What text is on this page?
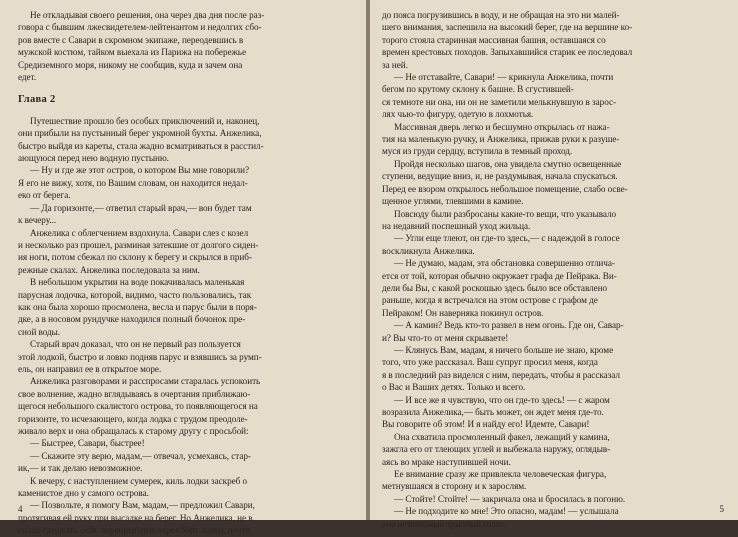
Не откладывая своего решения, она через два дня после раз-
говора с бывшим лжесвидетелем-лейтенантом и недолгих сбо-
ров вместе с Савари в скромном экипаже, переодевшись в
мужской костюм, тайком выехала из Парижа на побережье
Средиземного моря, никому не сообщив, куда и зачем она
едет.

Глава 2

Путешествие прошло без особых приключений и, наконец,
они прибыли на пустынный берег укромной бухты. Анжелика,
быстро выйдя из кареты, стала жадно всматриваться в расстил-
ающуюся перед нею водную пустыню.

— Ну и где же этот остров, о котором Вы мне говорили?
Я его не вижу, хотя, по Вашим словам, он находится недал-
еко от берега.

— Да горизонте,— ответил старый врач,— вон будет там
к вечеру...

Анжелика с облегчением вздохнула. Савари слез с козел
и несколько раз прошел, разминая затекшие от долгого сиден-
ия ноги, потом сбежал по склону к берегу и скрылся в приб-
режные скалах. Анжелика последовала за ним.

В небольшом укрытии на воде покачивалась маленькая
парусная лодочка, которой, видимо, часто пользовались, так
как она была хорошо просмолена, весла и парус были в поря-
дке, а в носовом рундучке находился полный бочонок пре-
сной воды.

Старый врач доказал, что он не первый раз пользуется
этой лодкой, быстро и ловко подняв парус и взявшись за румп-
ель, он направил ее в открытое море.

Анжелика разговорами и расспросами старалась успокоить
свое волнение, жадно вглядываясь в очертания приближаю-
щегося небольшого скалистого острова, то появляющегося на
горизонте, то исчезающего, когда лодка с трудом преодоле-
живало верх и она обращалась к старому другу с просьбой:

— Быстрее, Савари, быстрее!

— Скажите эту верю, мадам,— отвечал, усмехаясь, стар-
ик,— и так делаю невозможное.

К вечеру, с наступлением сумерек, киль лодки заскреб о
каменистое дно у самого острова.

— Позвольте, я помогу Вам, мадам,— предложил Савари,
протягивая ей руку при высадке на берег. Но Анжелика, не в
силах сдержать себя, перепрыгнула через борт лодки, почти

4

до пояса погрузившись в воду, и не обращая на это ни малей-
шего внимания, заспешила на высокий берег, где на вершине ко-
торого стояла старинная массивная башня, оставшаяся со
времен крестовых походов. Запыхавшийся старик ее последовал
за ней.

— Не отставайте, Савари! — крикнула Анжелика, почти
бегом по крутому склону к башне. В сгустившей-
ся темноте ни она, ни он не заметили мелькнувшую в зарос-
лях чью-то фигуру, одетую в лохмотья.

Массивная дверь легко и бесшумно открылась от нажа-
тия на маленькую ручку, и Анжелика, прижав руки к разуше-
муся из груди сердцу, вступила в темный проход.

Пройдя несколько шагов, она увидела смутно освещенные
ступени, ведущие вниз, и, не раздумывая, начала спускаться.
Перед ее взором открылось небольшое помещение, слабо осве-
щенное углями, тлевшими в камине.

Повсюду были разбросаны какие-то вещи, что указывало
на недавний поспешный уход жильца.

— Угли еще тлеют, он где-то здесь,— с надеждой в голосе
воскликнула Анжелика.

— Не думаю, мадам, эта обстановка совершенно отлича-
ется от той, которая обычно окружает графа де Пейрака. Ви-
дели бы Вы, с какой роскошью здесь было все обставлено
раньше, когда я встречался на этом острове с графом де
Пейраком! Он наверняка покинул остров.

— А камин? Ведь кто-то развел в нем огонь. Где он, Савар-
и? Вы что-то от меня скрываете!

— Клянусь Вам, мадам, я ничего больше не знаю, кроме
того, что уже рассказал. Ваш супруг просил меня, когда
я в последний раз виделся с ним, передать, чтобы я рассказал
о Вас и Ваших детях. Только и всего.

— И все же я чувствую, что он где-то здесь! — с жаром
возразила Анжелика,— быть может, он ждет меня где-то.
Вы говорите об этом! И я найду его! Идемте, Савари!

Она схватила просмоленный факел, лежащий у камина,
зажгла его от тлеющих углей и выбежала наружу, оглядыв-
аясь во мраке наступившей ночи.

Ее внимание сразу же привлекла человеческая фигура,
метнувшаяся в сторону и к зарослям.

— Стойте! Стойте! — закричала она и бросилась в погоню.

— Не подходите ко мне! Это опасно, мадам! — услышала
она незнакомый хриплый голос.

5
